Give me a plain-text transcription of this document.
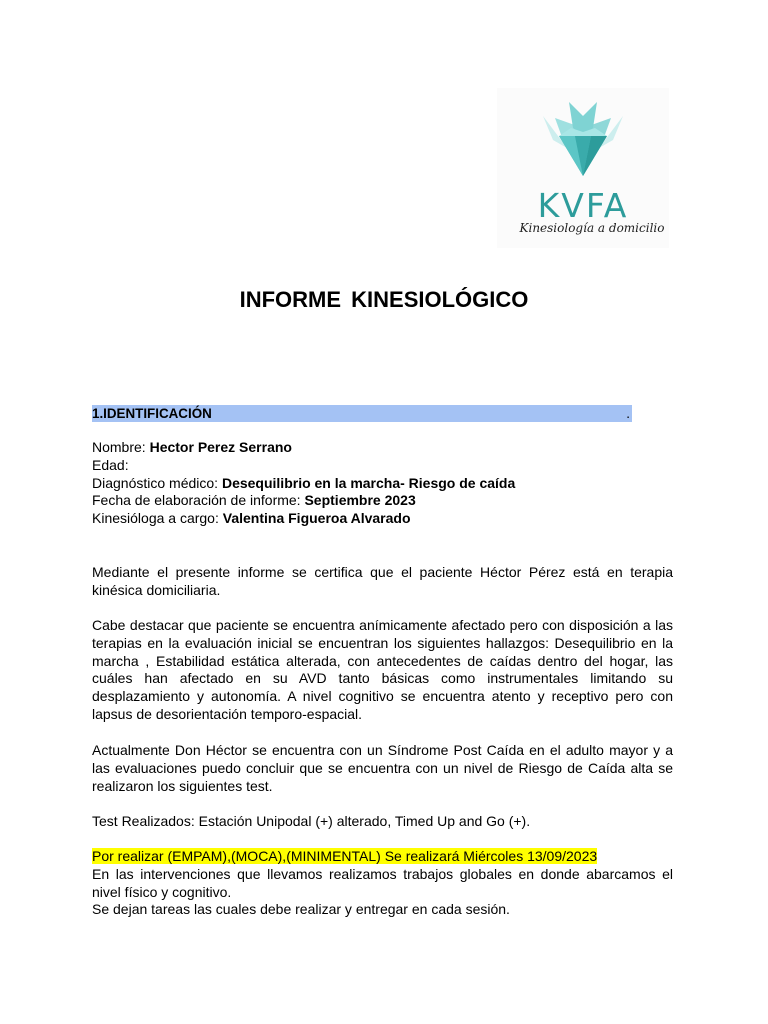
KVFA
Kinesiología a domicilio
INFORME KINESIOLÓGICO
1.IDENTIFICACIÓN	.
Nombre: Hector Perez Serrano
Edad:
Diagnóstico médico: Desequilibrio en la marcha- Riesgo de caída
Fecha de elaboración de informe: Septiembre 2023
Kinesióloga a cargo: Valentina Figueroa Alvarado

Mediante el presente informe se certifica que el paciente Héctor Pérez está en terapia kinésica domiciliaria.

Cabe destacar que paciente se encuentra anímicamente afectado pero con disposición a las terapias en la evaluación inicial se encuentran los siguientes hallazgos: Desequilibrio en la marcha , Estabilidad estática alterada, con antecedentes de caídas dentro del hogar, las cuáles han afectado en su AVD tanto básicas como instrumentales limitando su desplazamiento y autonomía. A nivel cognitivo se encuentra atento y receptivo pero con lapsus de desorientación temporo-espacial.

Actualmente Don Héctor se encuentra con un Síndrome Post Caída en el adulto mayor y a las evaluaciones puedo concluir que se encuentra con un nivel de Riesgo de Caída alta se realizaron los siguientes test.

Test Realizados: Estación Unipodal (+) alterado, Timed Up and Go (+).

Por realizar (EMPAM),(MOCA),(MINIMENTAL) Se realizará Miércoles 13/09/2023

En las intervenciones que llevamos realizamos trabajos globales en donde abarcamos el nivel físico y cognitivo.

Se dejan tareas las cuales debe realizar y entregar en cada sesión.
